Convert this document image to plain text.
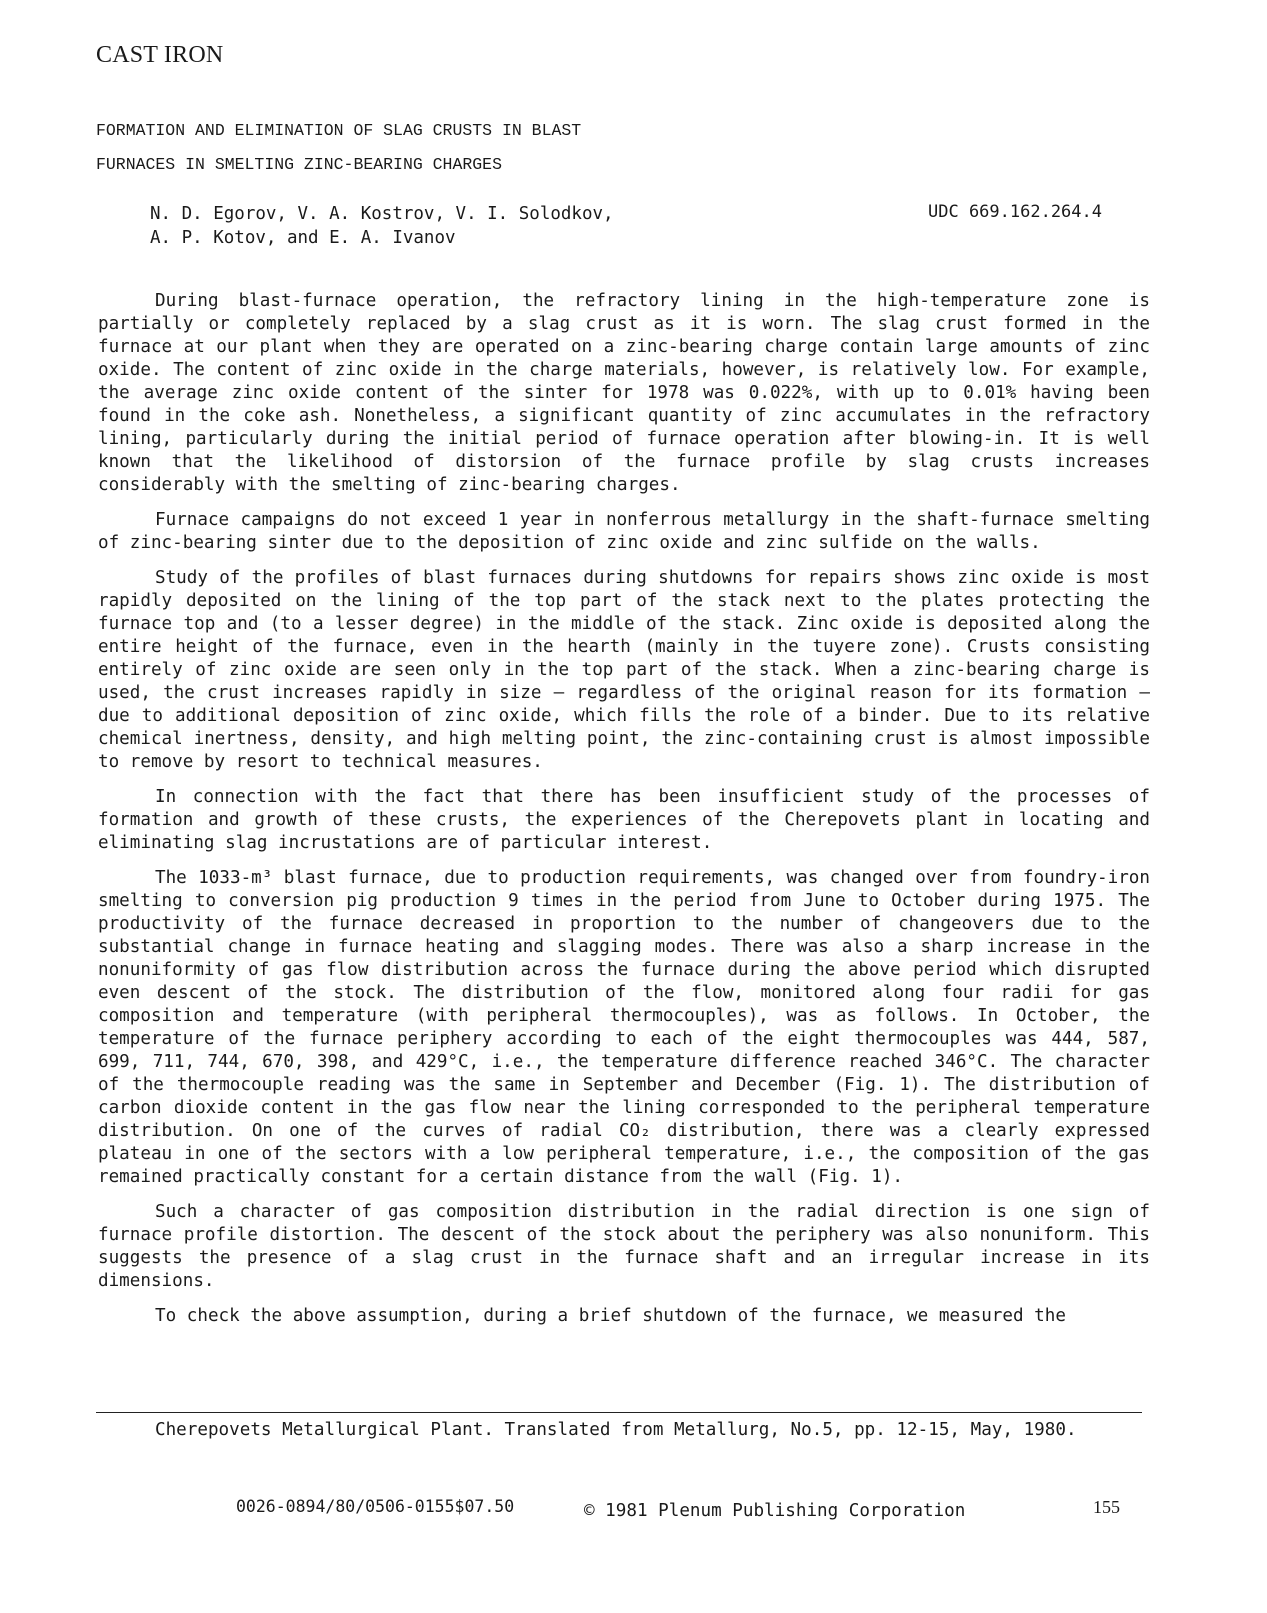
CAST IRON
FORMATION AND ELIMINATION OF SLAG CRUSTS IN BLAST
FURNACES IN SMELTING ZINC-BEARING CHARGES
N. D. Egorov, V. A. Kostrov, V. I. Solodkov,
A. P. Kotov, and E. A. Ivanov
UDC 669.162.264.4

During blast-furnace operation, the refractory lining in the high-temperature zone is partially or completely replaced by a slag crust as it is worn. The slag crust formed in the furnace at our plant when they are operated on a zinc-bearing charge contain large amounts of zinc oxide. The content of zinc oxide in the charge materials, however, is relatively low. For example, the average zinc oxide content of the sinter for 1978 was 0.022%, with up to 0.01% having been found in the coke ash. Nonetheless, a significant quantity of zinc accumulates in the refractory lining, particularly during the initial period of furnace operation after blowing-in. It is well known that the likelihood of distorsion of the furnace profile by slag crusts increases considerably with the smelting of zinc-bearing charges.

Furnace campaigns do not exceed 1 year in nonferrous metallurgy in the shaft-furnace smelting of zinc-bearing sinter due to the deposition of zinc oxide and zinc sulfide on the walls.

Study of the profiles of blast furnaces during shutdowns for repairs shows zinc oxide is most rapidly deposited on the lining of the top part of the stack next to the plates protecting the furnace top and (to a lesser degree) in the middle of the stack. Zinc oxide is deposited along the entire height of the furnace, even in the hearth (mainly in the tuyere zone). Crusts consisting entirely of zinc oxide are seen only in the top part of the stack. When a zinc-bearing charge is used, the crust increases rapidly in size — regardless of the original reason for its formation — due to additional deposition of zinc oxide, which fills the role of a binder. Due to its relative chemical inertness, density, and high melting point, the zinc-containing crust is almost impossible to remove by resort to technical measures.

In connection with the fact that there has been insufficient study of the processes of formation and growth of these crusts, the experiences of the Cherepovets plant in locating and eliminating slag incrustations are of particular interest.

The 1033-m³ blast furnace, due to production requirements, was changed over from foundry-iron smelting to conversion pig production 9 times in the period from June to October during 1975. The productivity of the furnace decreased in proportion to the number of changeovers due to the substantial change in furnace heating and slagging modes. There was also a sharp increase in the nonuniformity of gas flow distribution across the furnace during the above period which disrupted even descent of the stock. The distribution of the flow, monitored along four radii for gas composition and temperature (with peripheral thermocouples), was as follows. In October, the temperature of the furnace periphery according to each of the eight thermocouples was 444, 587, 699, 711, 744, 670, 398, and 429°C, i.e., the temperature difference reached 346°C. The character of the thermocouple reading was the same in September and December (Fig. 1). The distribution of carbon dioxide content in the gas flow near the lining corresponded to the peripheral temperature distribution. On one of the curves of radial CO₂ distribution, there was a clearly expressed plateau in one of the sectors with a low peripheral temperature, i.e., the composition of the gas remained practically constant for a certain distance from the wall (Fig. 1).

Such a character of gas composition distribution in the radial direction is one sign of furnace profile distortion. The descent of the stock about the periphery was also nonuniform. This suggests the presence of a slag crust in the furnace shaft and an irregular increase in its dimensions.

To check the above assumption, during a brief shutdown of the furnace, we measured the

Cherepovets Metallurgical Plant. Translated from Metallurg, No.5, pp. 12-15, May, 1980.
0026-0894/80/0506-0155$07.50	© 1981 Plenum Publishing Corporation	155
